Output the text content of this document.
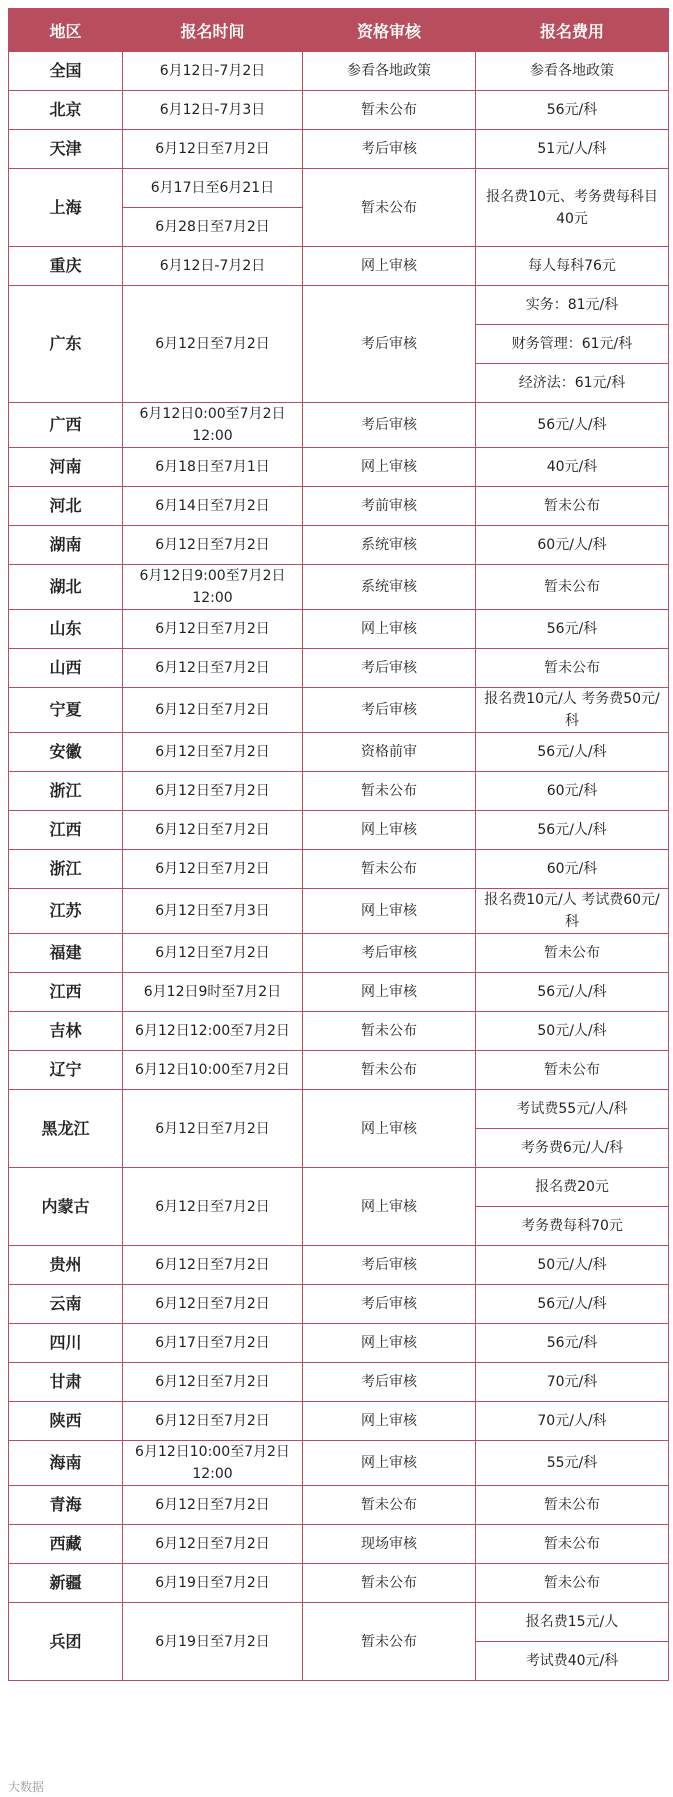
地区	报名时间	资格审核	报名费用
全国	6月12日-7月2日	参看各地政策	参看各地政策
北京	6月12日-7月3日	暂未公布	56元/科
天津	6月12日至7月2日	考后审核	51元/人/科
上海	6月17日至6月21日	暂未公布	报名费10元、考务费每科目40元
	6月28日至7月2日		
重庆	6月12日-7月2日	网上审核	每人每科76元
广东	6月12日至7月2日	考后审核	实务：81元/科
			财务管理：61元/科
			经济法：61元/科
广西	6月12日0:00至7月2日12:00	考后审核	56元/人/科
河南	6月18日至7月1日	网上审核	40元/科
河北	6月14日至7月2日	考前审核	暂未公布
湖南	6月12日至7月2日	系统审核	60元/人/科
湖北	6月12日9:00至7月2日12:00	系统审核	暂未公布
山东	6月12日至7月2日	网上审核	56元/科
山西	6月12日至7月2日	考后审核	暂未公布
宁夏	6月12日至7月2日	考后审核	报名费10元/人 考务费50元/科
安徽	6月12日至7月2日	资格前审	56元/人/科
浙江	6月12日至7月2日	暂未公布	60元/科
江西	6月12日至7月2日	网上审核	56元/人/科
浙江	6月12日至7月2日	暂未公布	60元/科
江苏	6月12日至7月3日	网上审核	报名费10元/人 考试费60元/科
福建	6月12日至7月2日	考后审核	暂未公布
江西	6月12日9时至7月2日	网上审核	56元/人/科
吉林	6月12日12:00至7月2日	暂未公布	50元/人/科
辽宁	6月12日10:00至7月2日	暂未公布	暂未公布
黑龙江	6月12日至7月2日	网上审核	考试费55元/人/科
			考务费6元/人/科
内蒙古	6月12日至7月2日	网上审核	报名费20元
			考务费每科70元
贵州	6月12日至7月2日	考后审核	50元/人/科
云南	6月12日至7月2日	考后审核	56元/人/科
四川	6月17日至7月2日	网上审核	56元/科
甘肃	6月12日至7月2日	考后审核	70元/科
陕西	6月12日至7月2日	网上审核	70元/人/科
海南	6月12日10:00至7月2日12:00	网上审核	55元/科
青海	6月12日至7月2日	暂未公布	暂未公布
西藏	6月12日至7月2日	现场审核	暂未公布
新疆	6月19日至7月2日	暂未公布	暂未公布
兵团	6月19日至7月2日	暂未公布	报名费15元/人
			考试费40元/科
大数据
